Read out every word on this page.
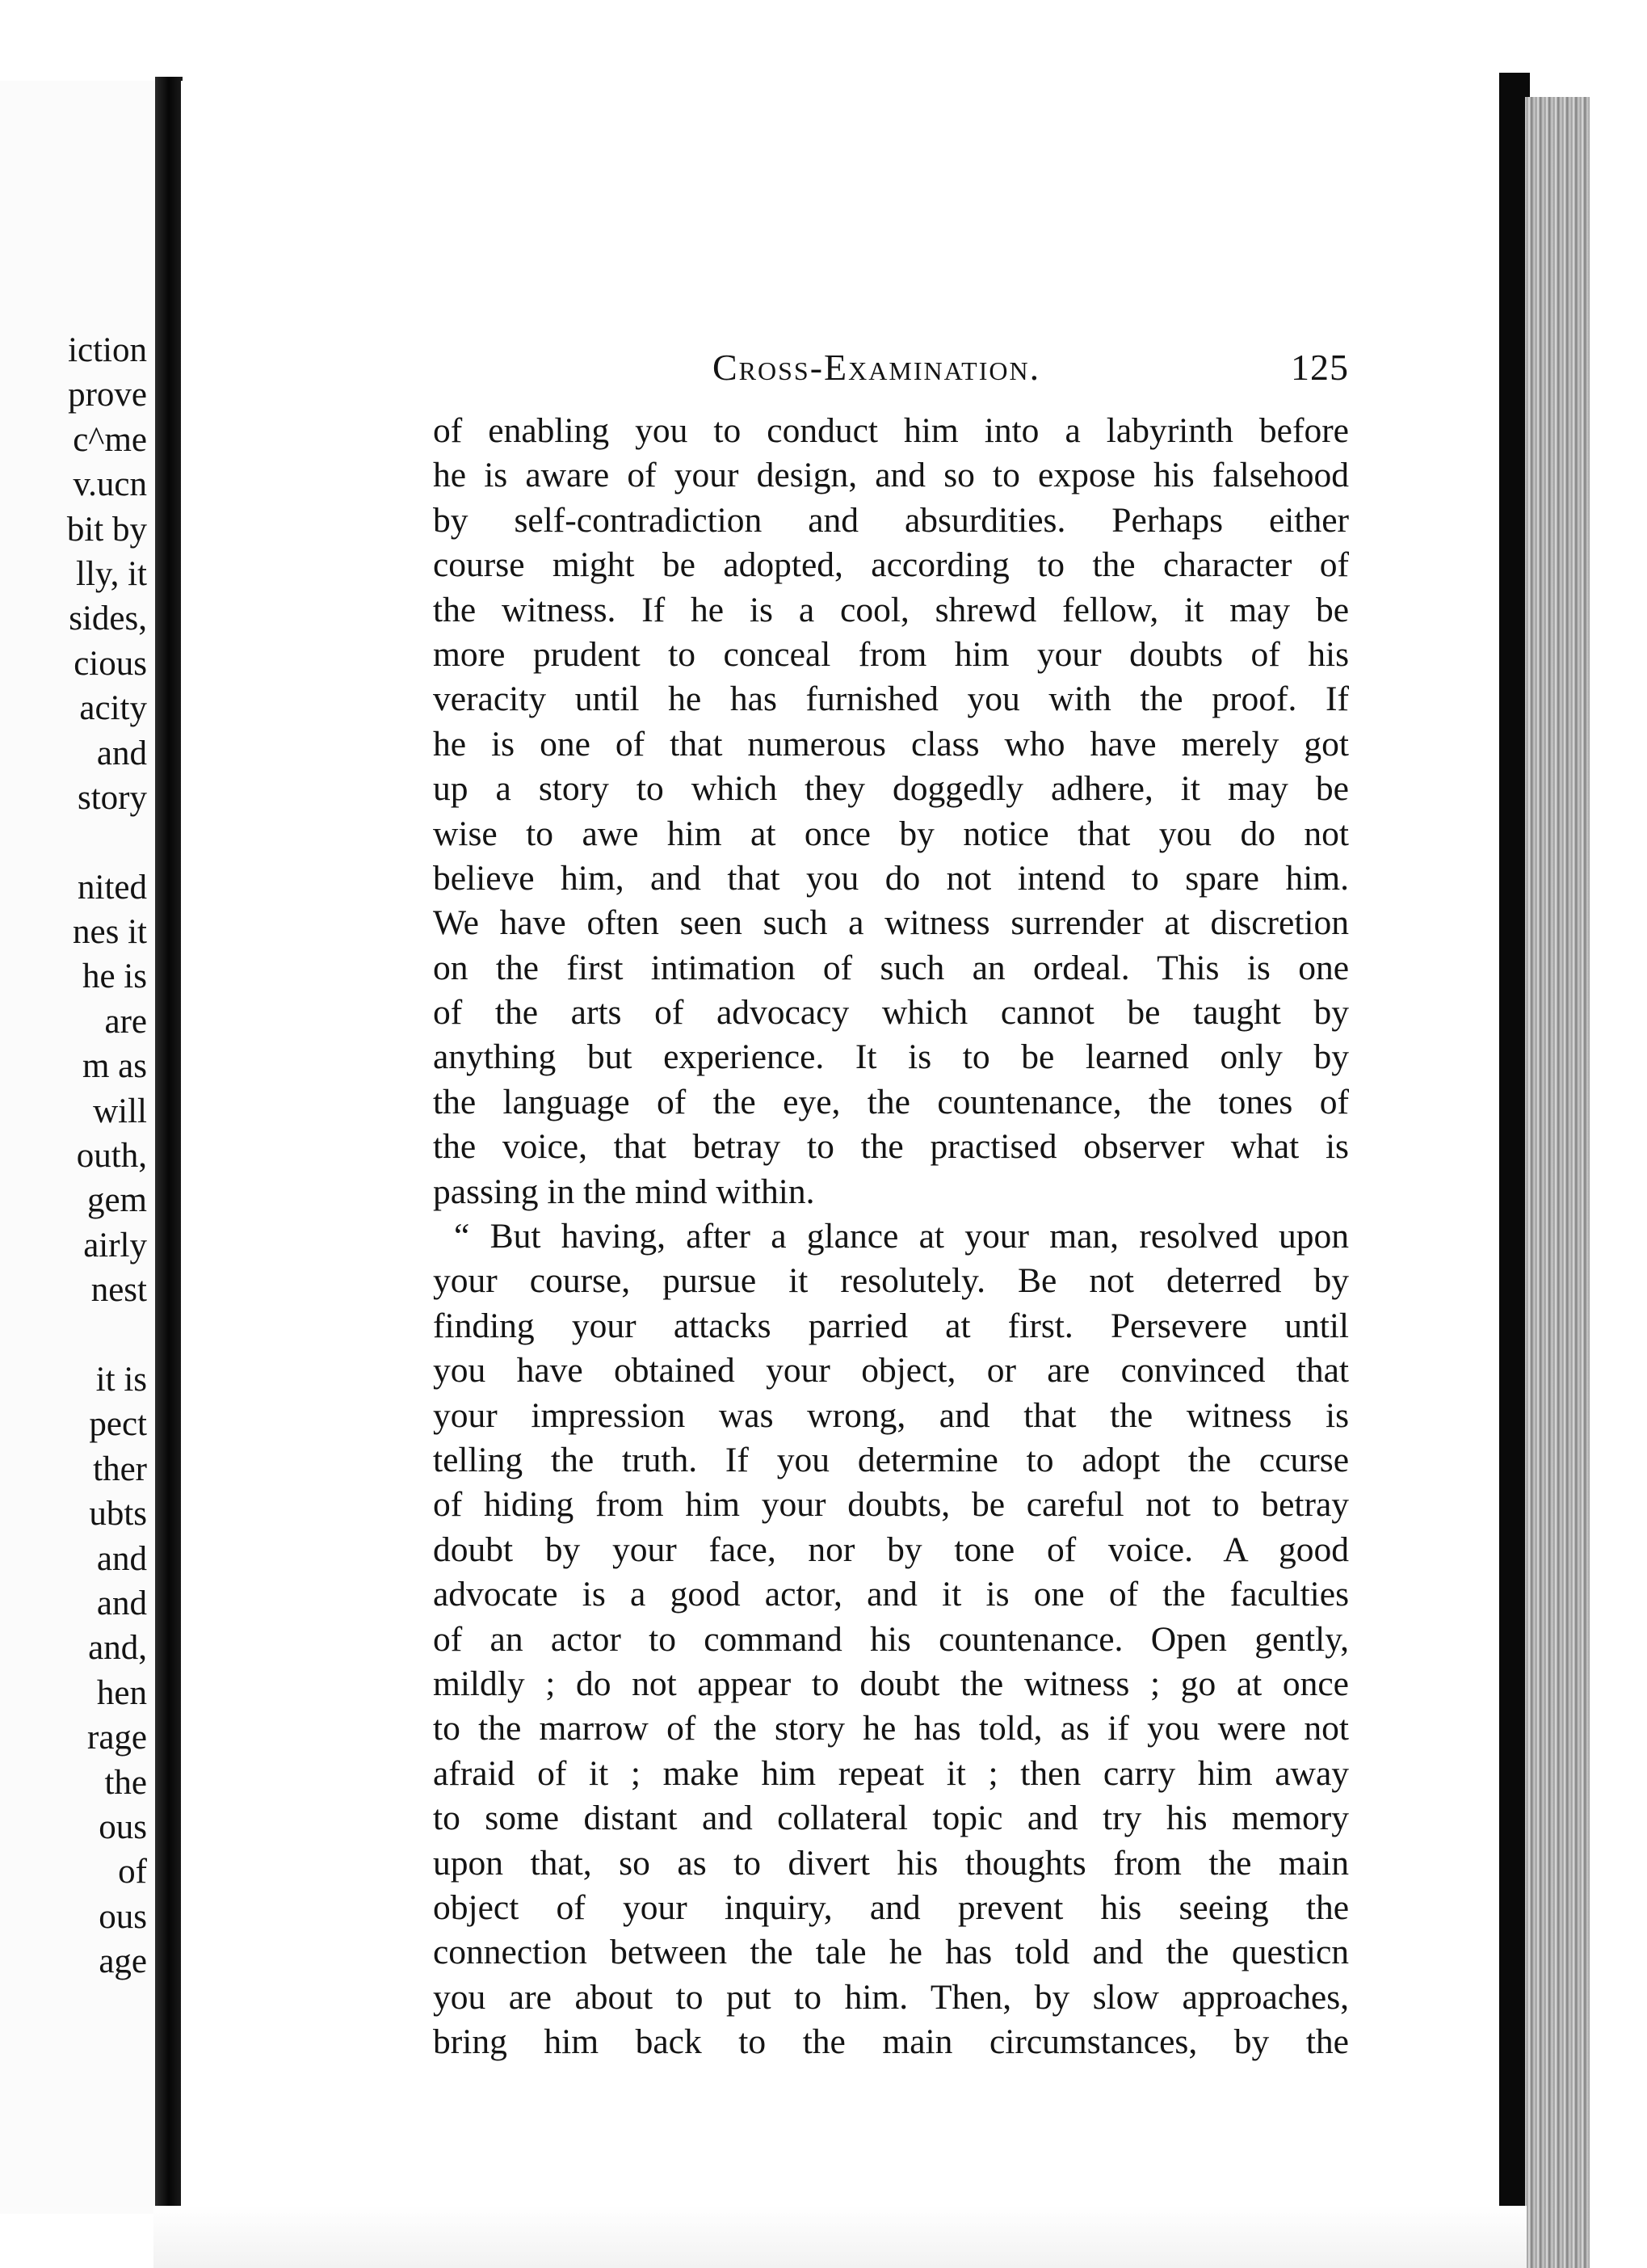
iction
prove
c^me
v.ucn
bit by
lly, it
sides,
cious
acity
and
story
nited
nes it
he is
are
m as
will
outh,
gem
airly
nest
it is
pect
ther
ubts
and
and
and,
hen
rage
the
ous
of
ous
age
Cross-Examination.	125
of enabling you to conduct him into a labyrinth before
he is aware of your design, and so to expose his falsehood
by self-contradiction and absurdities. Perhaps either
course might be adopted, according to the character of
the witness. If he is a cool, shrewd fellow, it may be
more prudent to conceal from him your doubts of his
veracity until he has furnished you with the proof. If
he is one of that numerous class who have merely got
up a story to which they doggedly adhere, it may be
wise to awe him at once by notice that you do not
believe him, and that you do not intend to spare him.
We have often seen such a witness surrender at discretion
on the first intimation of such an ordeal. This is one
of the arts of advocacy which cannot be taught by
anything but experience. It is to be learned only by
the language of the eye, the countenance, the tones of
the voice, that betray to the practised observer what is
passing in the mind within.
“ But having, after a glance at your man, resolved upon
your course, pursue it resolutely. Be not deterred by
finding your attacks parried at first. Persevere until
you have obtained your object, or are convinced that
your impression was wrong, and that the witness is
telling the truth. If you determine to adopt the ccurse
of hiding from him your doubts, be careful not to betray
doubt by your face, nor by tone of voice. A good
advocate is a good actor, and it is one of the faculties
of an actor to command his countenance. Open gently,
mildly ; do not appear to doubt the witness ; go at once
to the marrow of the story he has told, as if you were not
afraid of it ; make him repeat it ; then carry him away
to some distant and collateral topic and try his memory
upon that, so as to divert his thoughts from the main
object of your inquiry, and prevent his seeing the
connection between the tale he has told and the questicn
you are about to put to him. Then, by slow approaches,
bring him back to the main circumstances, by the
